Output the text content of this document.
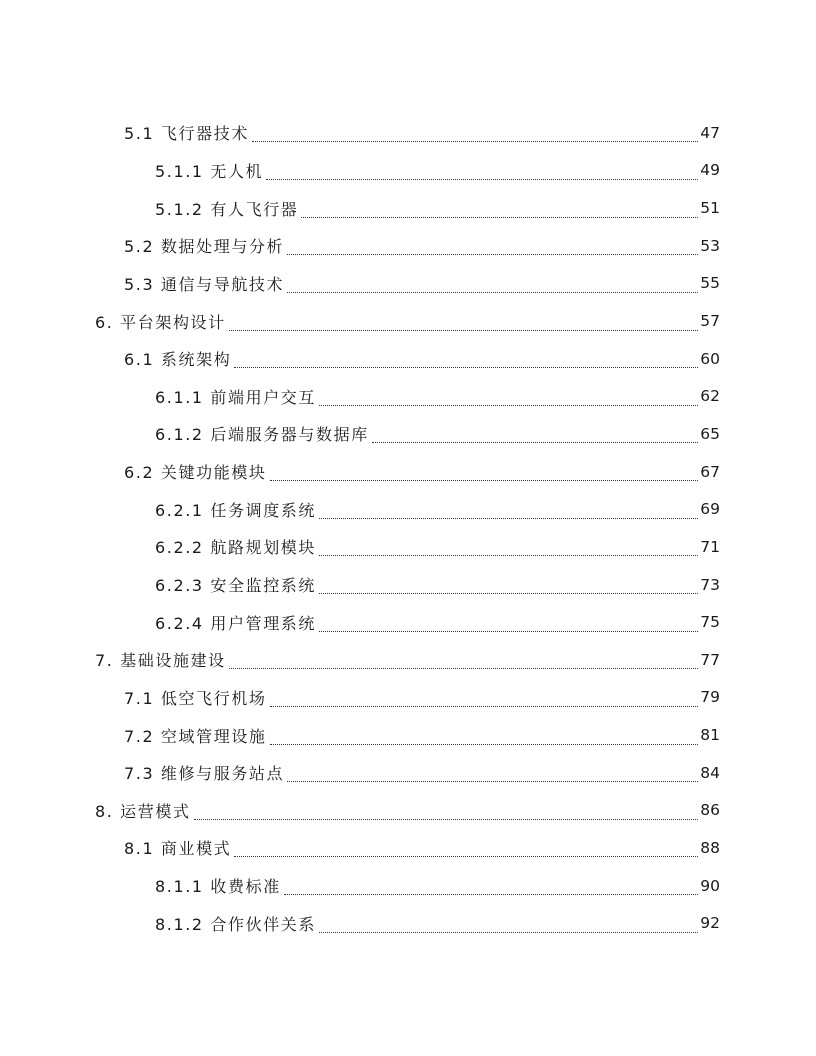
5.1 飞行器技术	47
5.1.1 无人机	49
5.1.2 有人飞行器	51
5.2 数据处理与分析	53
5.3 通信与导航技术	55
6. 平台架构设计	57
6.1 系统架构	60
6.1.1 前端用户交互	62
6.1.2 后端服务器与数据库	65
6.2 关键功能模块	67
6.2.1 任务调度系统	69
6.2.2 航路规划模块	71
6.2.3 安全监控系统	73
6.2.4 用户管理系统	75
7. 基础设施建设	77
7.1 低空飞行机场	79
7.2 空域管理设施	81
7.3 维修与服务站点	84
8. 运营模式	86
8.1 商业模式	88
8.1.1 收费标准	90
8.1.2 合作伙伴关系	92
